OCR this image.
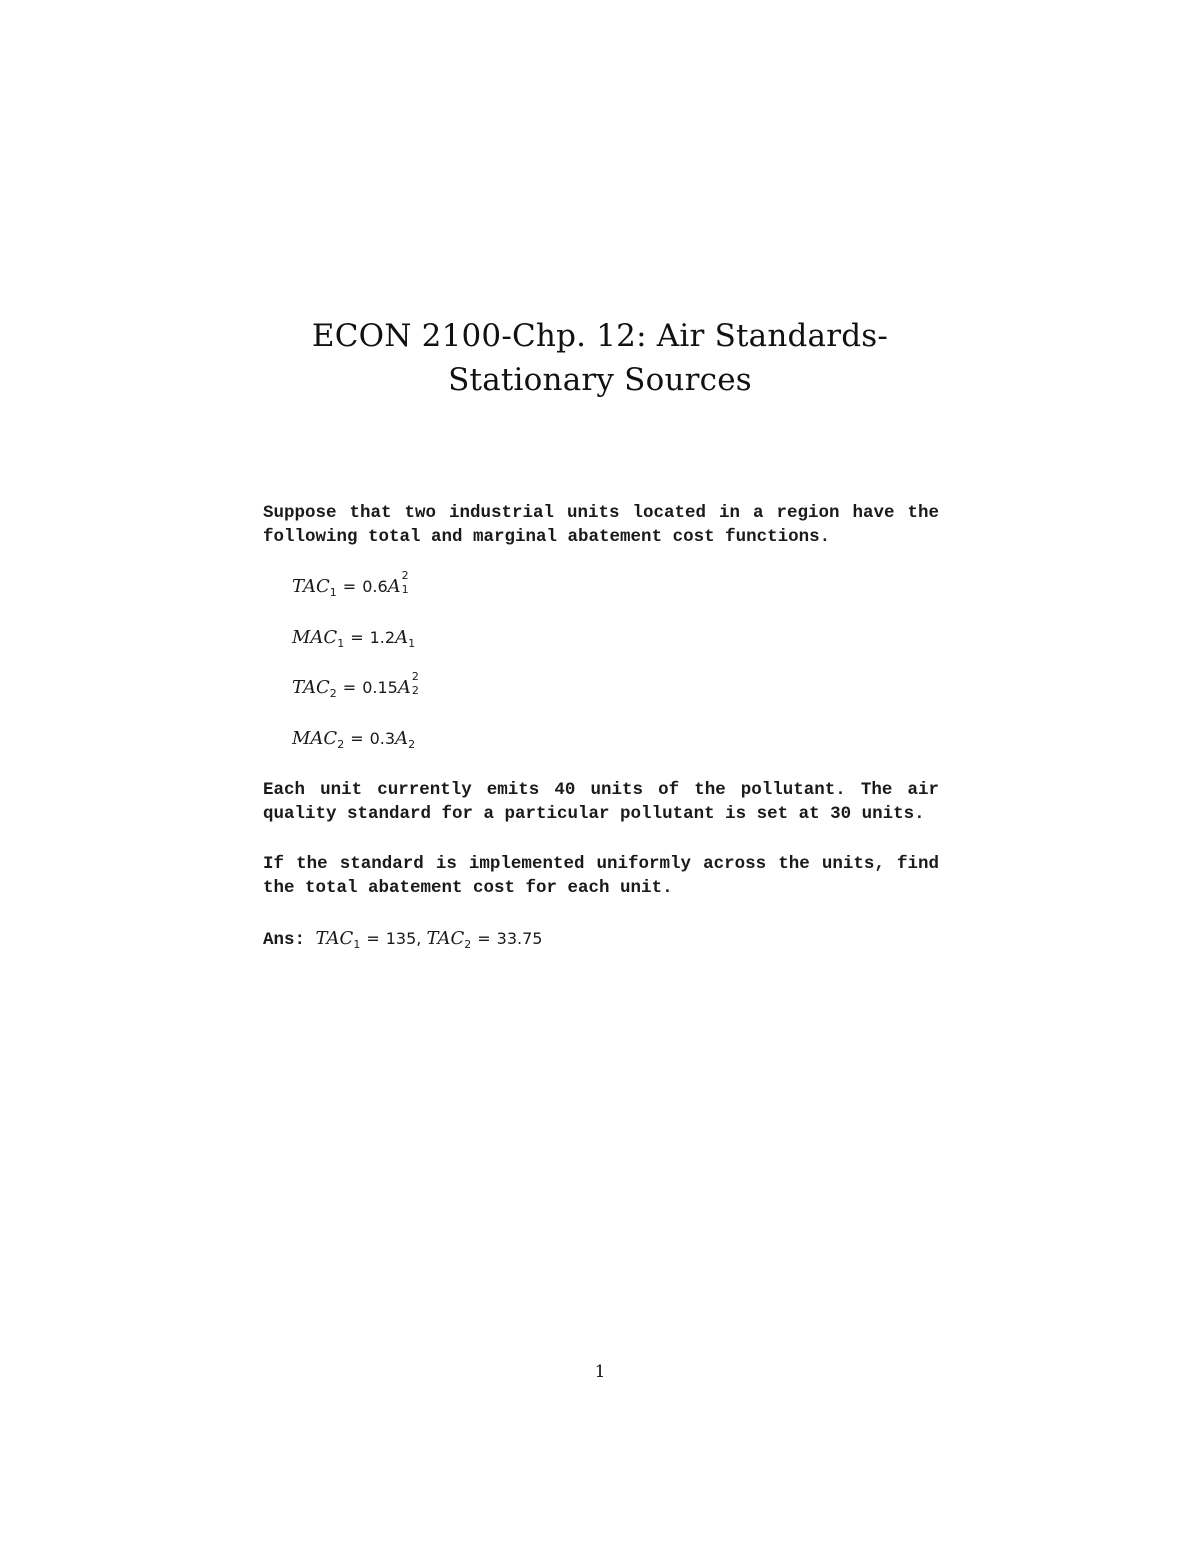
ECON 2100-Chp. 12: Air Standards-Stationary Sources
Suppose that two industrial units located in a region have the following total and marginal abatement cost functions.
$TAC_1 = 0.6A$
2
1
$MAC_1 = 1.2A_1$
$TAC_2 = 0.15A$
2
2
$MAC_2 = 0.3A_2$
Each unit currently emits 40 units of the pollutant. The air quality standard for a particular pollutant is set at 30 units.
If the standard is implemented uniformly across the units, find the total abatement cost for each unit.
Ans: $TAC_1 = 135$, $TAC_2 = 33.75$
1
